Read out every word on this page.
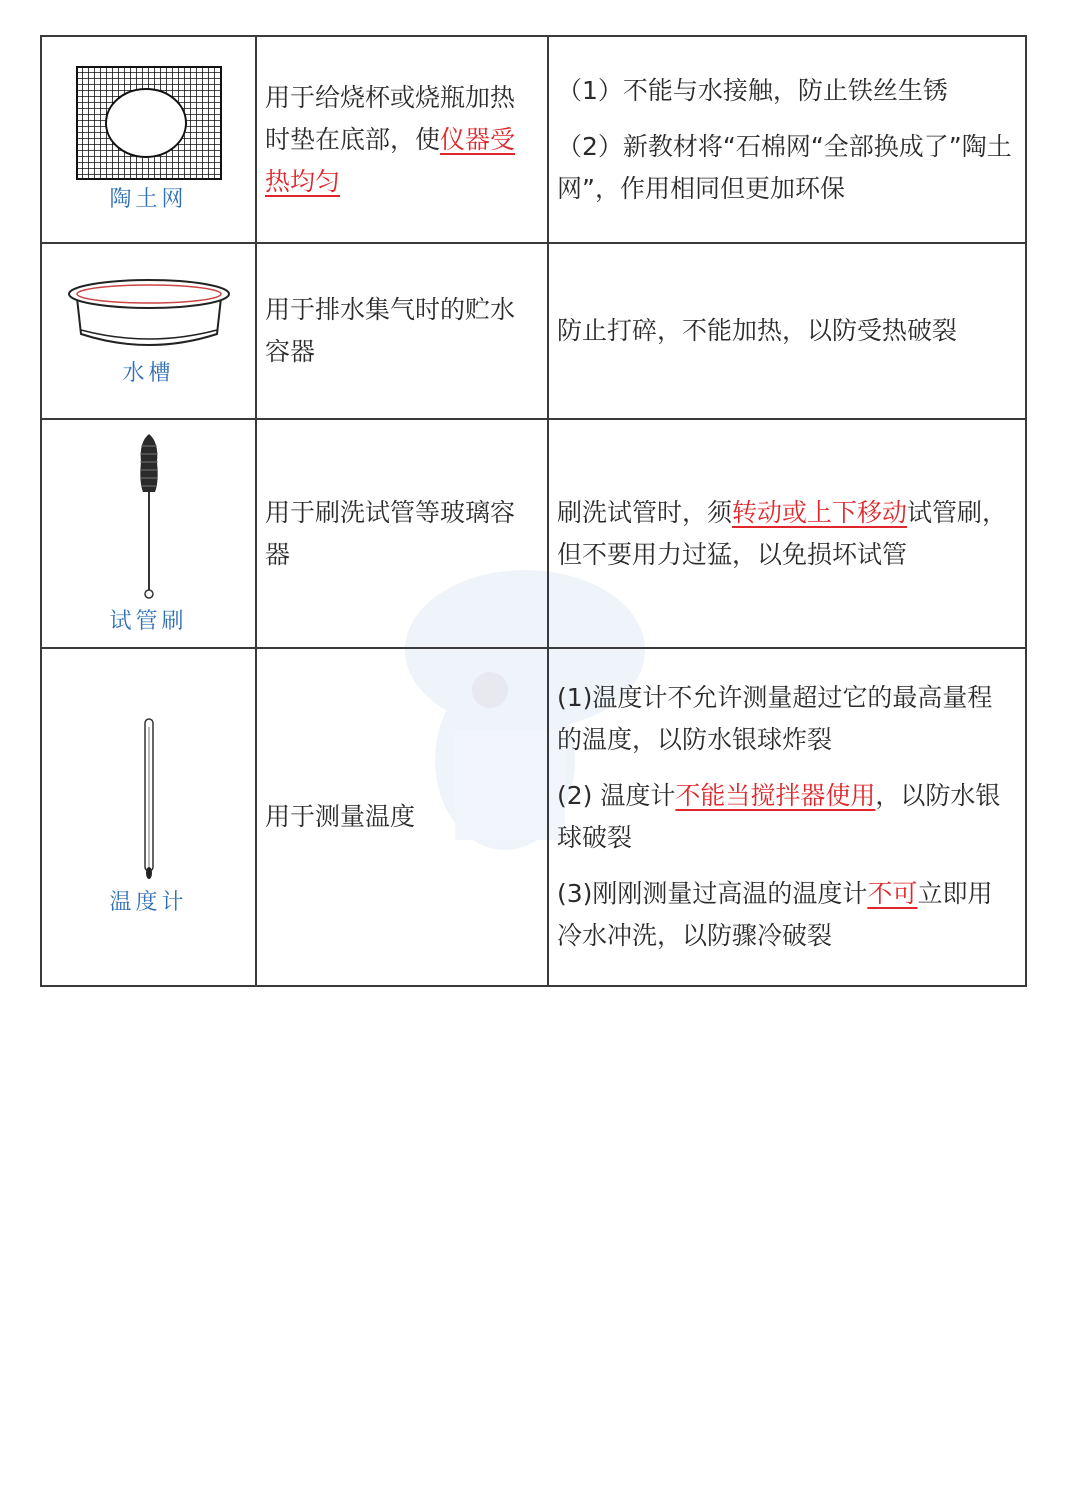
陶土网	用于给烧杯或烧瓶加热时垫在底部，使仪器受热均匀	（1）不能与水接触，防止铁丝生锈
（2）新教材将“石棉网“全部换成了”陶土网”，作用相同但更加环保

水槽	用于排水集气时的贮水容器	防止打碎，不能加热，以防受热破裂

试管刷	用于刷洗试管等玻璃容器	刷洗试管时，须转动或上下移动试管刷，但不要用力过猛，以免损坏试管

温度计	用于测量温度	(1)温度计不允许测量超过它的最高量程的温度，以防水银球炸裂
(2) 温度计不能当搅拌器使用，以防水银球破裂
(3)刚刚测量过高温的温度计不可立即用冷水冲洗，以防骤冷破裂
